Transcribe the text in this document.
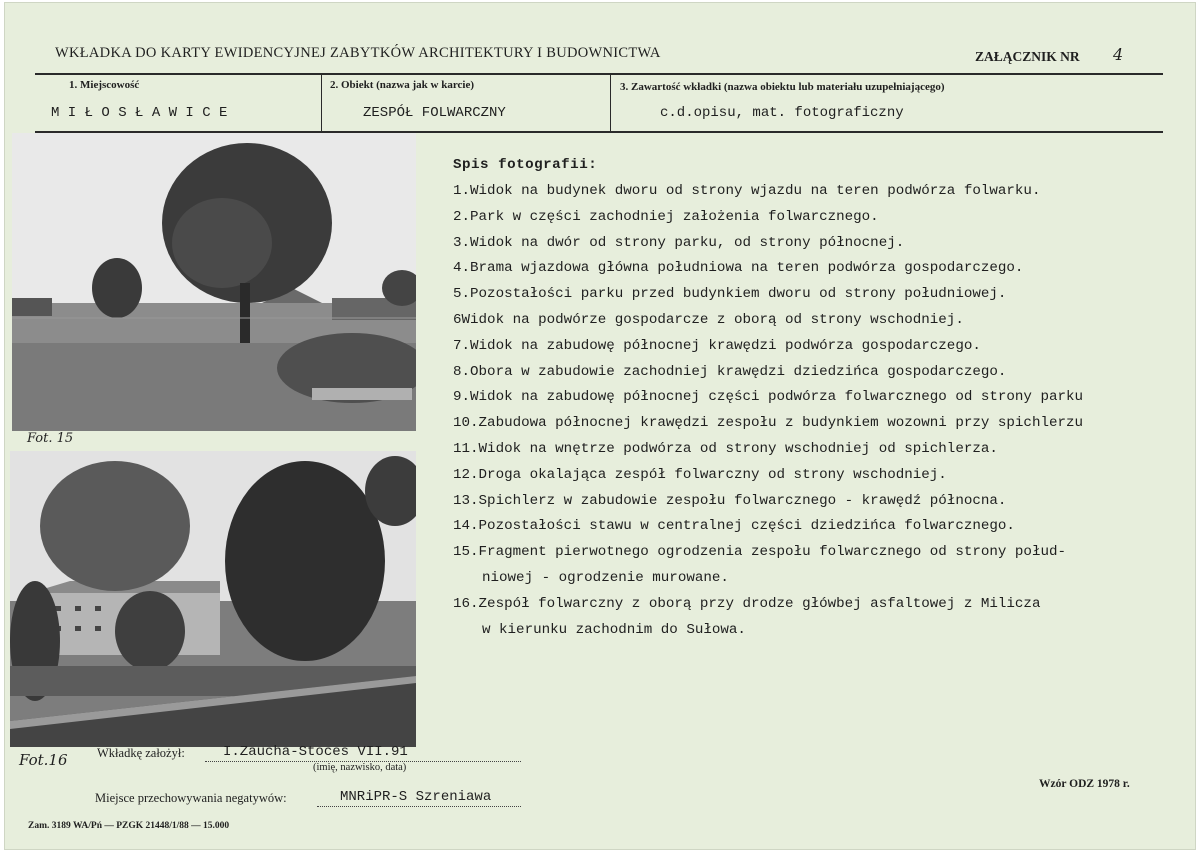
WKŁADKA DO KARTY EWIDENCYJNEJ ZABYTKÓW ARCHITEKTURY I BUDOWNICTWA	ZAŁĄCZNIK NR 4
1. Miejscowość
M I Ł O S Ł A W I C E
2. Obiekt (nazwa jak w karcie)
ZESPÓŁ FOLWARCZNY
3. Zawartość wkładki (nazwa obiektu lub materiału uzupełniającego)
c.d.opisu, mat. fotograficzny
Fot. 15
Fot.16
Spis fotografii:
1.Widok na budynek dworu od strony wjazdu na teren podwórza folwarku.
2.Park w części zachodniej założenia folwarcznego.
3.Widok na dwór od strony parku, od strony północnej.
4.Brama wjazdowa główna południowa na teren podwórza gospodarczego.
5.Pozostałości parku przed budynkiem dworu od strony południowej.
6Widok na podwórze gospodarcze z oborą od strony wschodniej.
7.Widok na zabudowę północnej krawędzi podwórza gospodarczego.
8.Obora w zabudowie zachodniej krawędzi dziedzińca gospodarczego.
9.Widok na zabudowę północnej części podwórza folwarcznego od strony parku
10.Zabudowa północnej krawędzi zespołu z budynkiem wozowni przy spichlerzu
11.Widok na wnętrze podwórza od strony wschodniej od spichlerza.
12.Droga okalająca zespół folwarczny od strony wschodniej.
13.Spichlerz w zabudowie zespołu folwarcznego - krawędź północna.
14.Pozostałości stawu w centralnej części dziedzińca folwarcznego.
15.Fragment pierwotnego ogrodzenia zespołu folwarcznego od strony połud-
niowej - ogrodzenie murowane.
16.Zespół folwarczny z oborą przy drodze główbej asfaltowej z Milicza
w kierunku zachodnim do Sułowa.
Wkładkę założył:	I.Zaucha-Stoces VII.91
(imię, nazwisko, data)
Miejsce przechowywania negatywów:	MNRiPR-S Szreniawa
Wzór ODZ 1978 r.
Zam. 3189 WA/Pń — PZGK 21448/1/88 — 15.000
